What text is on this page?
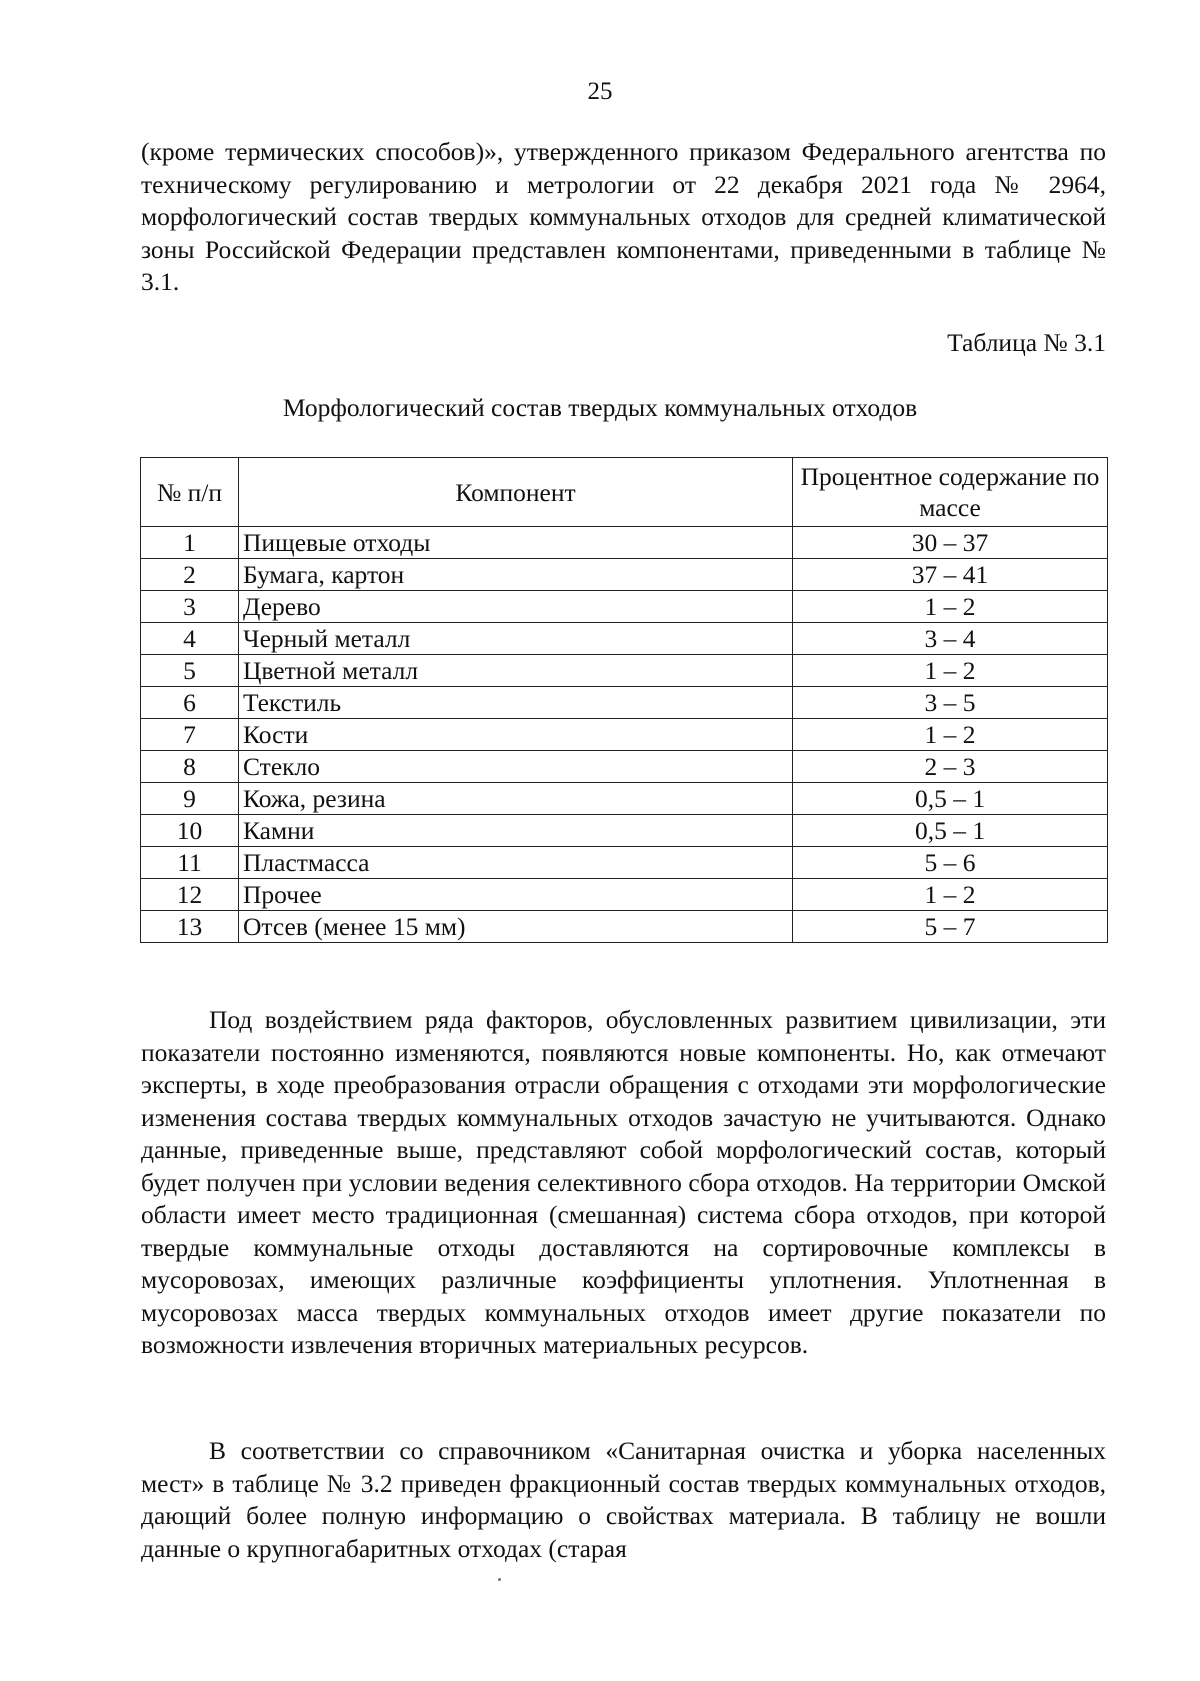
25

(кроме термических способов)», утвержденного приказом Федерального агентства по техническому регулированию и метрологии от 22 декабря 2021 года № 2964, морфологический состав твердых коммунальных отходов для средней климатической зоны Российской Федерации представлен компонентами, приведенными в таблице № 3.1.

Таблица № 3.1
Морфологический состав твердых коммунальных отходов
№ п/п	Компонент	Процентное содержание по массе
1	Пищевые отходы	30 – 37
2	Бумага, картон	37 – 41
3	Дерево	1 – 2
4	Черный металл	3 – 4
5	Цветной металл	1 – 2
6	Текстиль	3 – 5
7	Кости	1 – 2
8	Стекло	2 – 3
9	Кожа, резина	0,5 – 1
10	Камни	0,5 – 1
11	Пластмасса	5 – 6
12	Прочее	1 – 2
13	Отсев (менее 15 мм)	5 – 7

Под воздействием ряда факторов, обусловленных развитием цивилизации, эти показатели постоянно изменяются, появляются новые компоненты. Но, как отмечают эксперты, в ходе преобразования отрасли обращения с отходами эти морфологические изменения состава твердых коммунальных отходов зачастую не учитываются. Однако данные, приведенные выше, представляют собой морфологический состав, который будет получен при условии ведения селективного сбора отходов. На территории Омской области имеет место традиционная (смешанная) система сбора отходов, при которой твердые коммунальные отходы доставляются на сортировочные комплексы в мусоровозах, имеющих различные коэффициенты уплотнения. Уплотненная в мусоровозах масса твердых коммунальных отходов имеет другие показатели по возможности извлечения вторичных материальных ресурсов.

В соответствии со справочником «Санитарная очистка и уборка населенных мест» в таблице № 3.2 приведен фракционный состав твердых коммунальных отходов, дающий более полную информацию о свойствах материала. В таблицу не вошли данные о крупногабаритных отходах (старая
